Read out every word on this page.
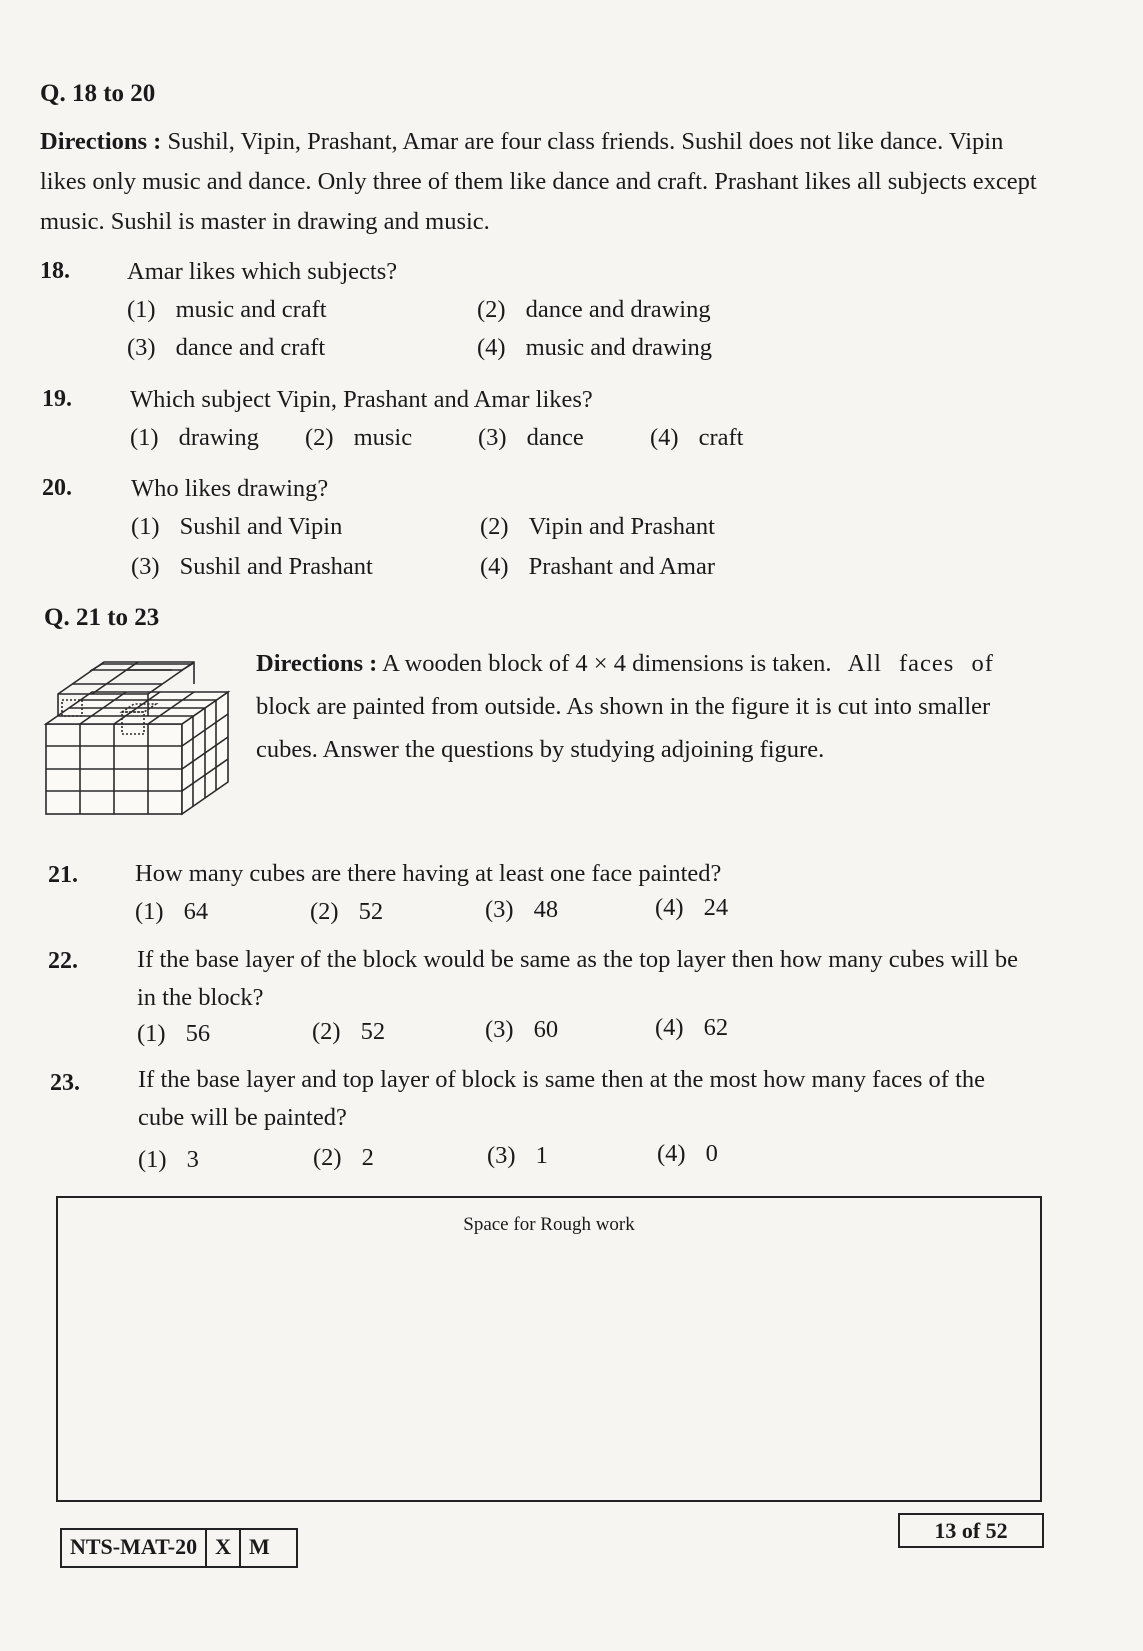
Q. 18 to 20
Directions : Sushil, Vipin, Prashant, Amar are four class friends. Sushil does not like dance. Vipin likes only music and dance. Only three of them like dance and craft. Prashant likes all subjects except music. Sushil is master in drawing and music.
18. Amar likes which subjects?
(1) music and craft	(2) dance and drawing
(3) dance and craft	(4) music and drawing
19. Which subject Vipin, Prashant and Amar likes?
(1) drawing (2) music	(3) dance	(4) craft
20. Who likes drawing?
(1) Sushil and Vipin	(2) Vipin and Prashant
(3) Sushil and Prashant	(4) Prashant and Amar
Q. 21 to 23
Directions : A wooden block of 4 × 4 dimensions is taken. All faces of
block are painted from outside. As shown in the figure it is cut into smaller
cubes. Answer the questions by studying adjoining figure.
21. How many cubes are there having at least one face painted?
(1) 64	(2) 52	(3) 48	(4) 24
22. If the base layer of the block would be same as the top layer then how many cubes will be
in the block?
(1) 56	(2) 52	(3) 60	(4) 62
23. If the base layer and top layer of block is same then at the most how many faces of the
cube will be painted?
(1) 3	(2) 2	(3) 1	(4) 0
Space for Rough work
NTS-MAT-20 X M
13 of 52
